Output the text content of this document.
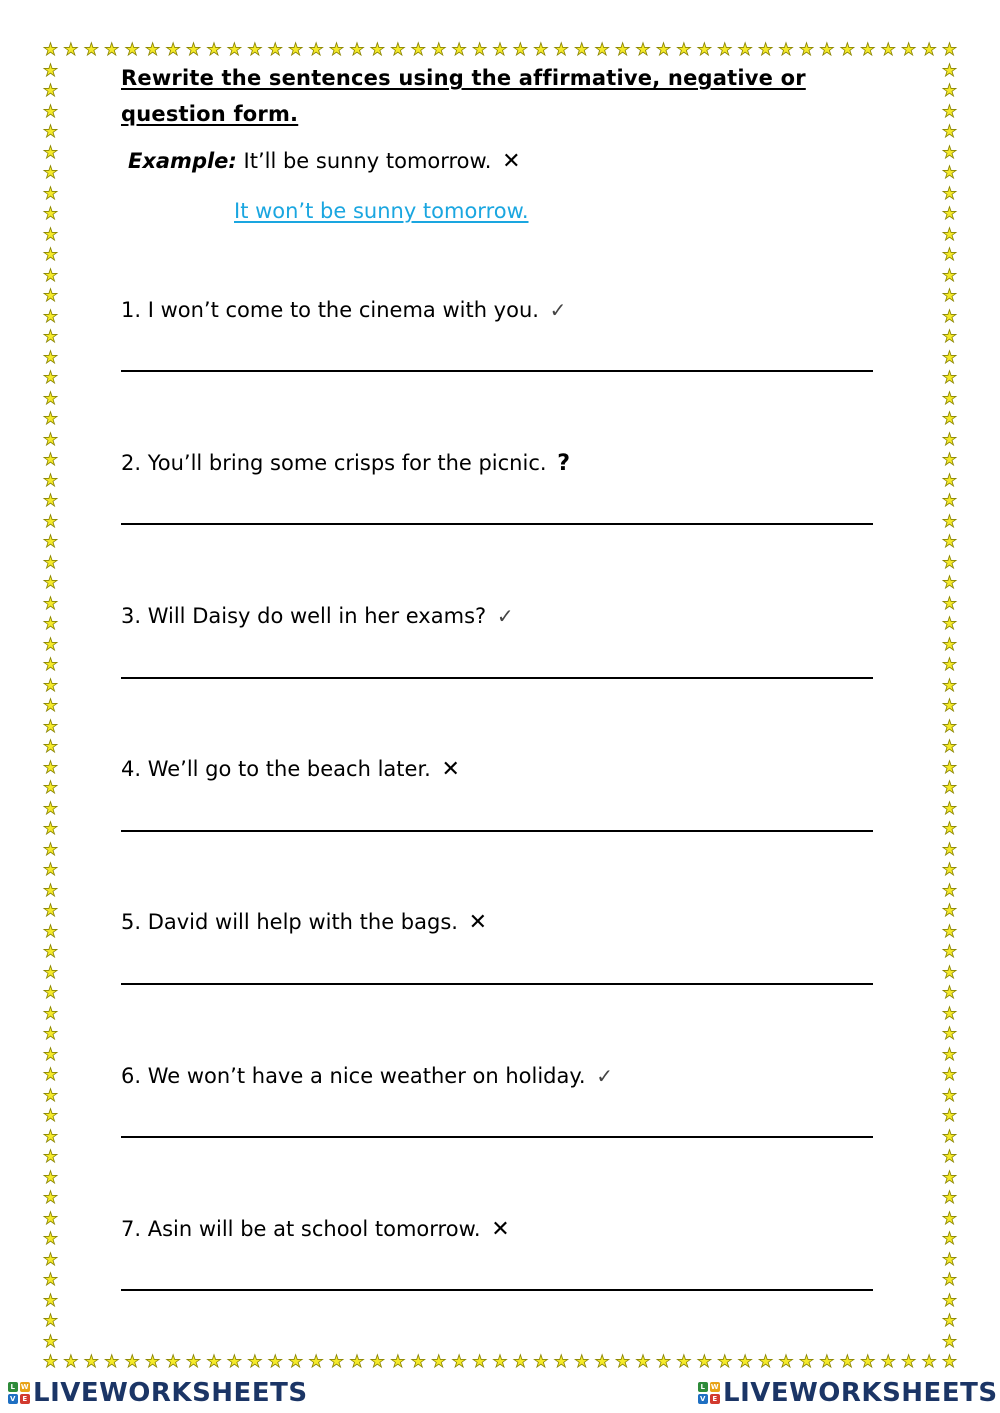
★
★
★
★
★
★
★
★
★
★
★
★
★
★
★
★
★
★
★
★
★
★
★
★
★
★
★
★
★
★
★
★
★
★
★
★
★
★
★
★
★
★
★
★
★
★
★
★
★
★
★
★
★
★
★
★
★
★
★
★
★
★
★
★
★
★
★
★
★
★
★
★
★
★
★
★
★
★
★
★
★
★
★
★
★
★
★
★
★
★
★	★
★	★
★	★
★	★
★	★
★	★
★	★
★	★
★	★
★	★
★	★
★	★
★	★
★	★
★	★
★	★
★	★
★	★
★	★
★	★
★	★
★	★
★	★
★	★
★	★
★	★
★	★
★	★
★	★
★	★
★	★
★	★
★	★
★	★
★	★
★	★
★	★
★	★
★	★
★	★
★	★
★	★
★	★
★	★
★	★
★	★
★	★
★	★
★	★
★	★
★	★
★	★
★	★
★	★
★	★
★	★
★	★
★	★
★	★
★	★
★	★
★	★
★	★
Rewrite the sentences using the affirmative, negative or question form.
Example: It’ll be sunny tomorrow. ✕
It won’t be sunny tomorrow.
1. I won’t come to the cinema with you. ✓
2. You’ll bring some crisps for the picnic. ?
3. Will Daisy do well in her exams? ✓
4. We’ll go to the beach later. ✕
5. David will help with the bags. ✕
6. We won’t have a nice weather on holiday. ✓
7. Asin will be at school tomorrow. ✕
L W
V E LIVEWORKSHEETS	L W
V E LIVEWORKSHEETS
